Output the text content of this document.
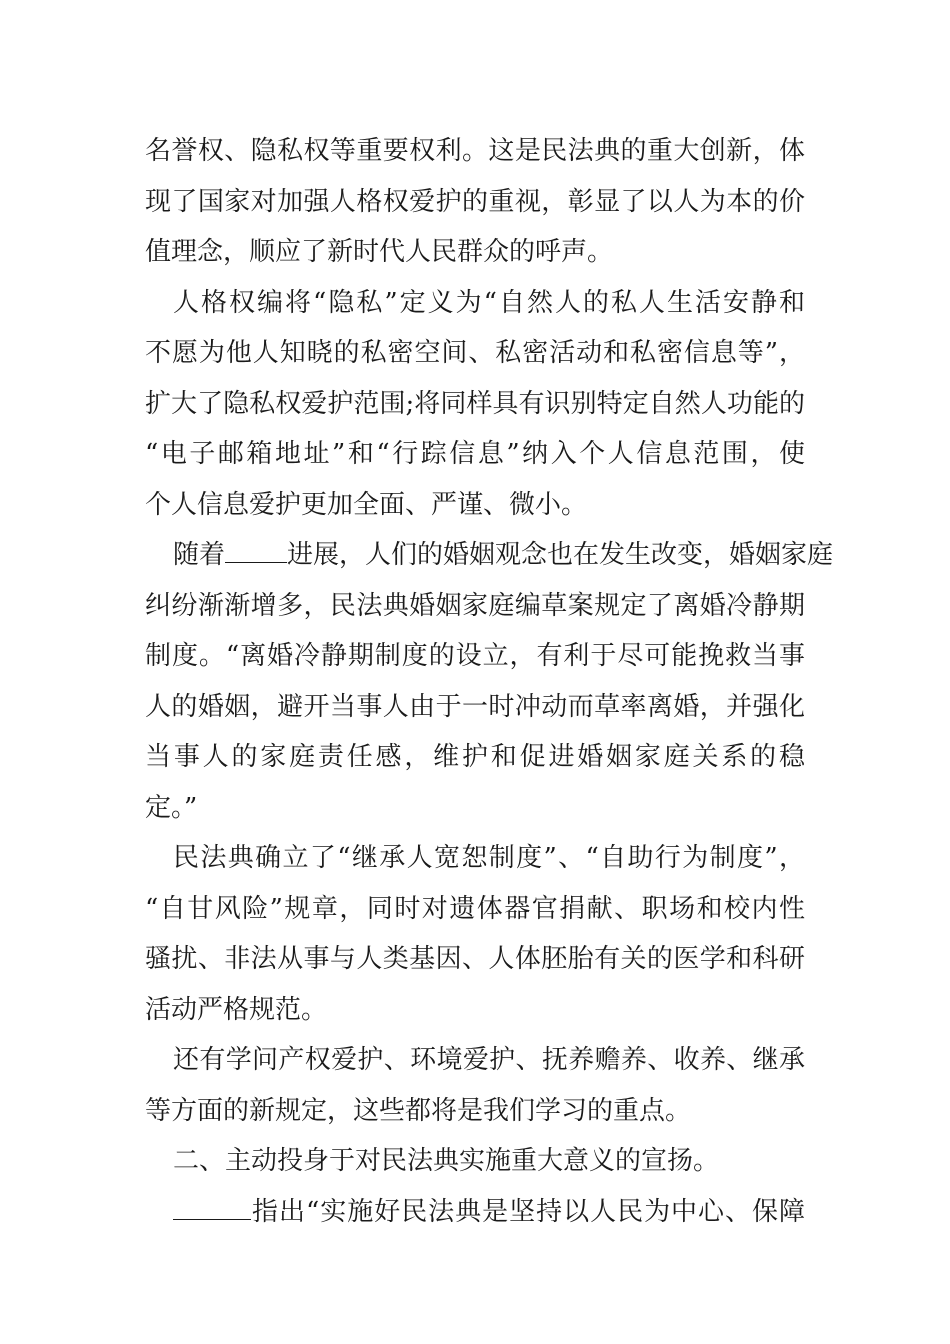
名誉权、隐私权等重要权利。这是民法典的重大创新，体
现了国家对加强人格权爱护的重视，彰显了以人为本的价
值理念，顺应了新时代人民群众的呼声。
人格权编将“隐私”定义为“自然人的私人生活安静和
不愿为他人知晓的私密空间、私密活动和私密信息等”，
扩大了隐私权爱护范围;将同样具有识别特定自然人功能的
“电子邮箱地址”和“行踪信息”纳入个人信息范围，使
个人信息爱护更加全面、严谨、微小。
随着 进展，人们的婚姻观念也在发生改变，婚姻家庭
纠纷渐渐增多，民法典婚姻家庭编草案规定了离婚冷静期
制度。“离婚冷静期制度的设立，有利于尽可能挽救当事
人的婚姻，避开当事人由于一时冲动而草率离婚，并强化
当事人的家庭责任感，维护和促进婚姻家庭关系的稳
定。”
民法典确立了“继承人宽恕制度”、“自助行为制度”，
“自甘风险”规章，同时对遗体器官捐献、职场和校内性
骚扰、非法从事与人类基因、人体胚胎有关的医学和科研
活动严格规范。
还有学问产权爱护、环境爱护、抚养赡养、收养、继承
等方面的新规定，这些都将是我们学习的重点。
二、主动投身于对民法典实施重大意义的宣扬。
指出“实施好民法典是坚持以人民为中心、保障
